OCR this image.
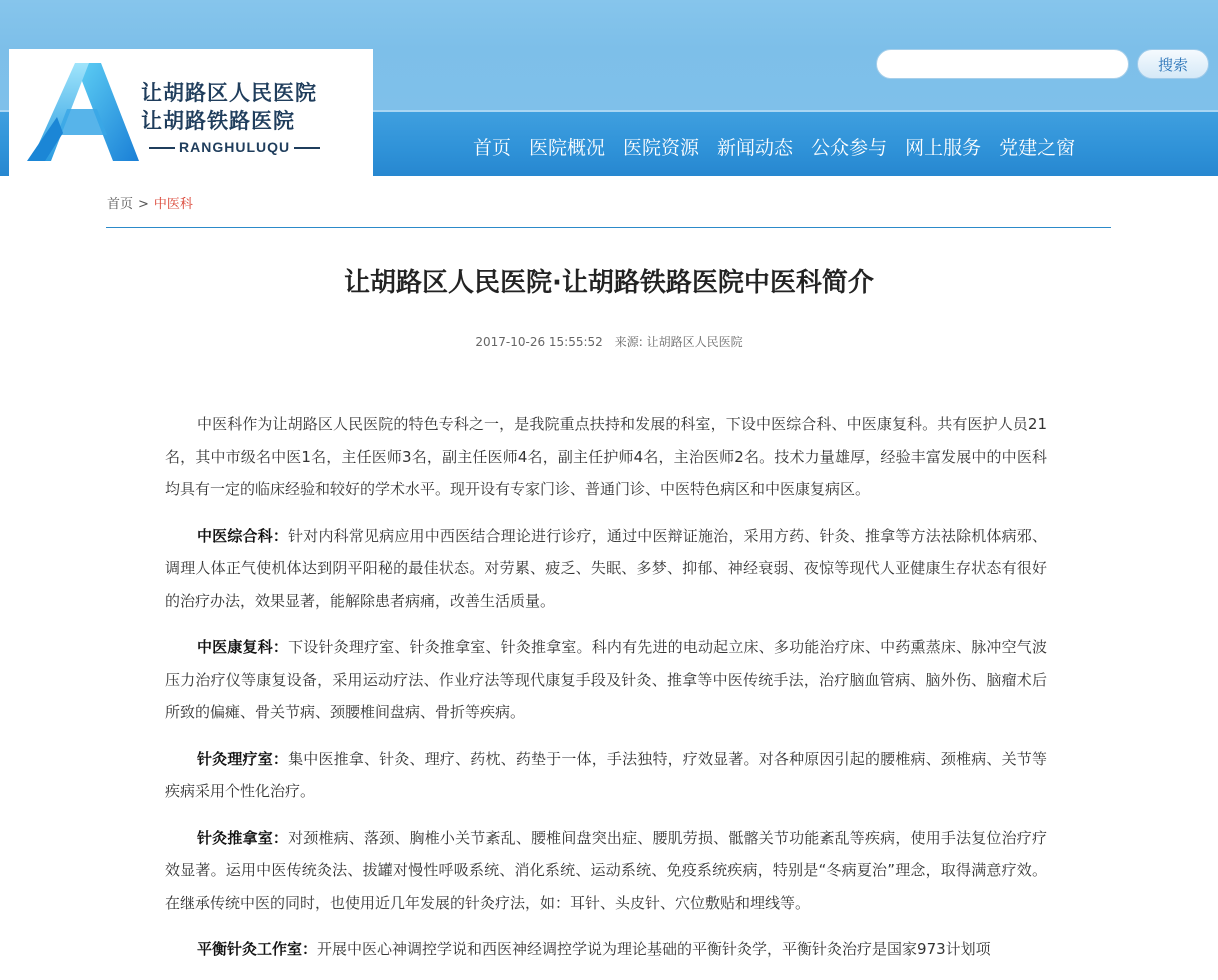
让胡路区人民医院
让胡路铁路医院
RANGHULUQU
搜索
首页 医院概况 医院资源 新闻动态 公众参与 网上服务 党建之窗
首页 > 中医科
让胡路区人民医院·让胡路铁路医院中医科简介
2017-10-26 15:55:52 来源: 让胡路区人民医院

中医科作为让胡路区人民医院的特色专科之一，是我院重点扶持和发展的科室，下设中医综合科、中医康复科。共有医护人员21名，其中市级名中医1名，主任医师3名，副主任医师4名，副主任护师4名，主治医师2名。技术力量雄厚，经验丰富发展中的中医科均具有一定的临床经验和较好的学术水平。现开设有专家门诊、普通门诊、中医特色病区和中医康复病区。

中医综合科：针对内科常见病应用中西医结合理论进行诊疗，通过中医辩证施治，采用方药、针灸、推拿等方法祛除机体病邪、调理人体正气使机体达到阴平阳秘的最佳状态。对劳累、疲乏、失眠、多梦、抑郁、神经衰弱、夜惊等现代人亚健康生存状态有很好的治疗办法，效果显著，能解除患者病痛，改善生活质量。

中医康复科：下设针灸理疗室、针灸推拿室、针灸推拿室。科内有先进的电动起立床、多功能治疗床、中药熏蒸床、脉冲空气波压力治疗仪等康复设备，采用运动疗法、作业疗法等现代康复手段及针灸、推拿等中医传统手法，治疗脑血管病、脑外伤、脑瘤术后所致的偏瘫、骨关节病、颈腰椎间盘病、骨折等疾病。

针灸理疗室：集中医推拿、针灸、理疗、药枕、药垫于一体，手法独特，疗效显著。对各种原因引起的腰椎病、颈椎病、关节等疾病采用个性化治疗。

针灸推拿室：对颈椎病、落颈、胸椎小关节紊乱、腰椎间盘突出症、腰肌劳损、骶髂关节功能紊乱等疾病，使用手法复位治疗疗效显著。运用中医传统灸法、拔罐对慢性呼吸系统、消化系统、运动系统、免疫系统疾病，特别是“冬病夏治”理念，取得满意疗效。在继承传统中医的同时，也使用近几年发展的针灸疗法，如：耳针、头皮针、穴位敷贴和埋线等。

平衡针灸工作室：开展中医心神调控学说和西医神经调控学说为理论基础的平衡针灸学，平衡针灸治疗是国家973计划项
